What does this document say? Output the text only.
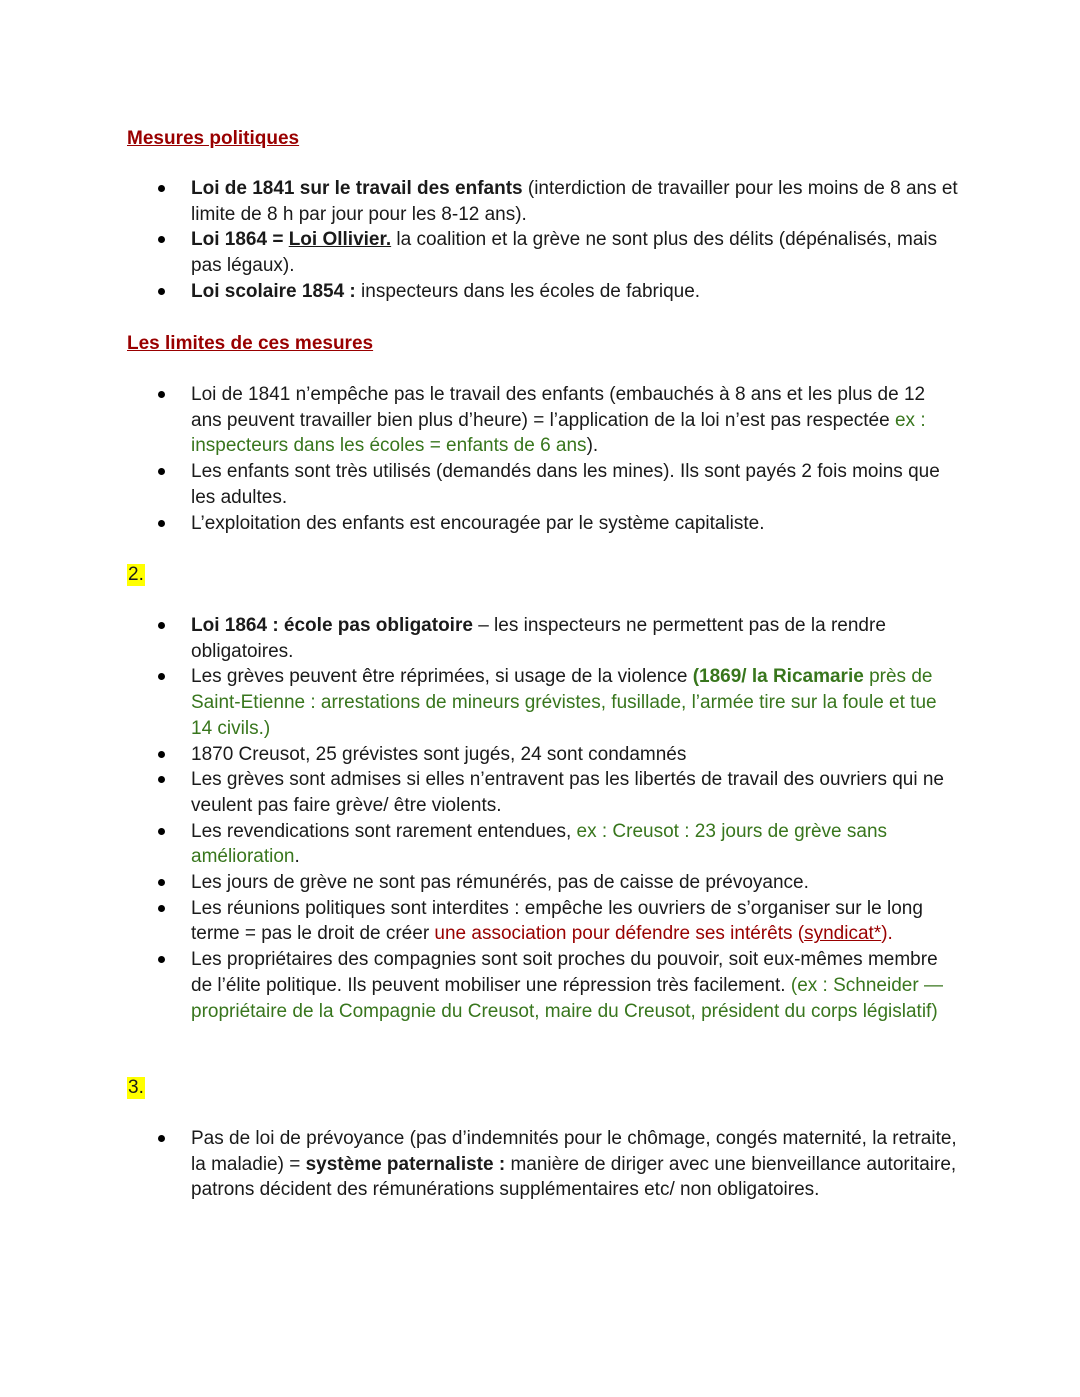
Mesures politiques
Loi de 1841 sur le travail des enfants (interdiction de travailler pour les moins de 8 ans et limite de 8 h par jour pour les 8-12 ans).
Loi 1864 = Loi Ollivier. la coalition et la grève ne sont plus des délits (dépénalisés, mais pas légaux).
Loi scolaire 1854 : inspecteurs dans les écoles de fabrique.
Les limites de ces mesures
Loi de 1841 n’empêche pas le travail des enfants (embauchés à 8 ans et les plus de 12 ans peuvent travailler bien plus d’heure) = l’application de la loi n’est pas respectée ex : inspecteurs dans les écoles = enfants de 6 ans).
Les enfants sont très utilisés (demandés dans les mines). Ils sont payés 2 fois moins que les adultes.
L’exploitation des enfants est encouragée par le système capitaliste.
2.
Loi 1864 : école pas obligatoire – les inspecteurs ne permettent pas de la rendre obligatoires.
Les grèves peuvent être réprimées, si usage de la violence (1869/ la Ricamarie près de Saint-Etienne : arrestations de mineurs grévistes, fusillade, l’armée tire sur la foule et tue 14 civils.)
1870 Creusot, 25 grévistes sont jugés, 24 sont condamnés
Les grèves sont admises si elles n’entravent pas les libertés de travail des ouvriers qui ne veulent pas faire grève/ être violents.
Les revendications sont rarement entendues, ex : Creusot : 23 jours de grève sans amélioration.
Les jours de grève ne sont pas rémunérés, pas de caisse de prévoyance.
Les réunions politiques sont interdites : empêche les ouvriers de s’organiser sur le long terme = pas le droit de créer une association pour défendre ses intérêts (syndicat*).
Les propriétaires des compagnies sont soit proches du pouvoir, soit eux-mêmes membre de l’élite politique. Ils peuvent mobiliser une répression très facilement. (ex : Schneider — propriétaire de la Compagnie du Creusot, maire du Creusot, président du corps législatif)
3.
Pas de loi de prévoyance (pas d’indemnités pour le chômage, congés maternité, la retraite, la maladie) = système paternaliste : manière de diriger avec une bienveillance autoritaire, patrons décident des rémunérations supplémentaires etc/ non obligatoires.
